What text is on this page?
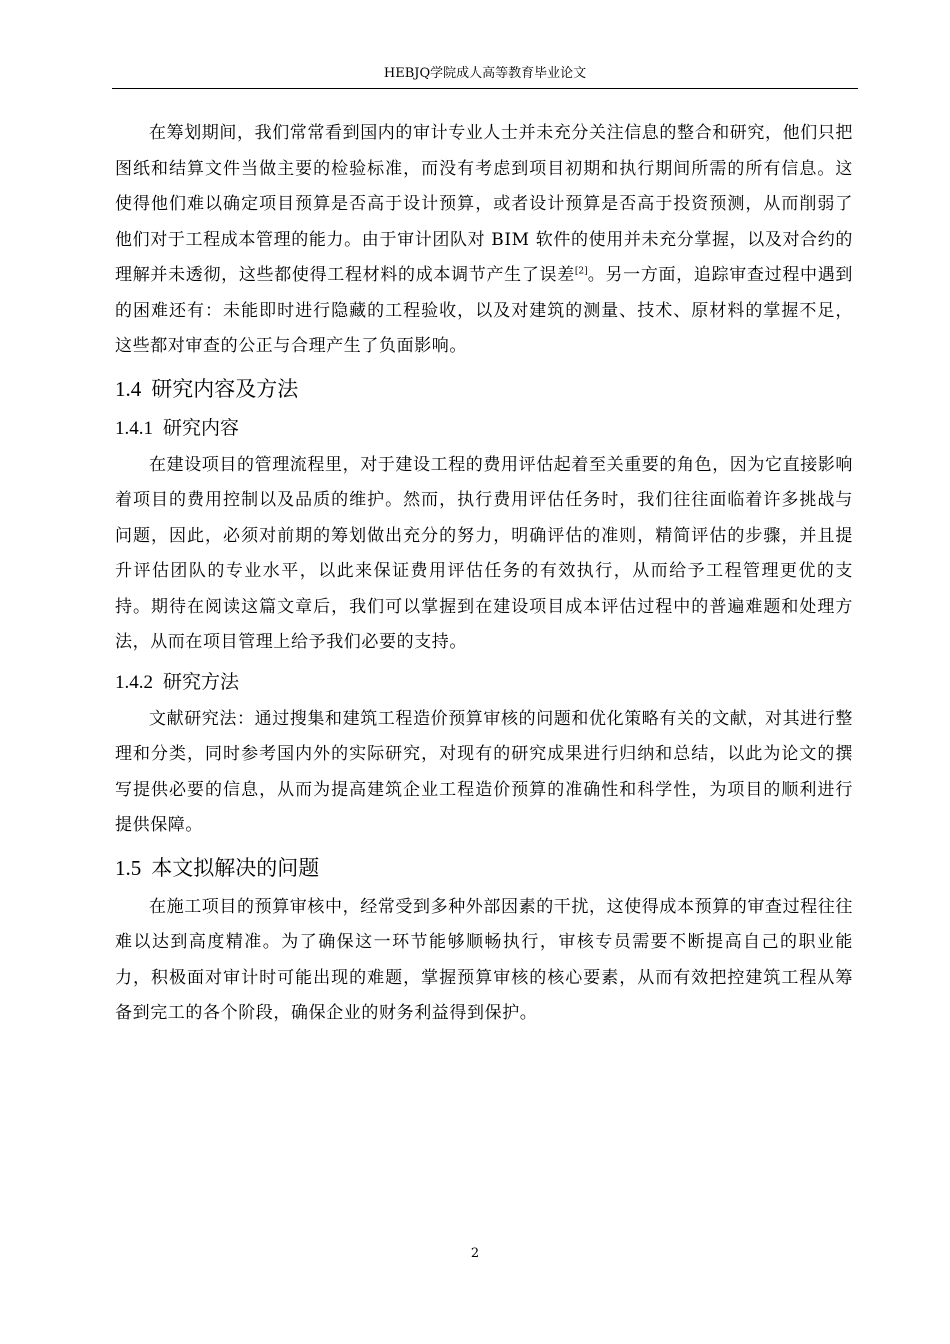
HEBJQ学院成人高等教育毕业论文

在筹划期间，我们常常看到国内的审计专业人士并未充分关注信息的整合和研究，他们只把图纸和结算文件当做主要的检验标准，而没有考虑到项目初期和执行期间所需的所有信息。这使得他们难以确定项目预算是否高于设计预算，或者设计预算是否高于投资预测，从而削弱了他们对于工程成本管理的能力。由于审计团队对 BIM 软件的使用并未充分掌握，以及对合约的理解并未透彻，这些都使得工程材料的成本调节产生了误差[2]。另一方面，追踪审查过程中遇到的困难还有：未能即时进行隐藏的工程验收，以及对建筑的测量、技术、原材料的掌握不足，这些都对审查的公正与合理产生了负面影响。

1.4 研究内容及方法
1.4.1 研究内容

在建设项目的管理流程里，对于建设工程的费用评估起着至关重要的角色，因为它直接影响着项目的费用控制以及品质的维护。然而，执行费用评估任务时，我们往往面临着许多挑战与问题，因此，必须对前期的筹划做出充分的努力，明确评估的准则，精简评估的步骤，并且提升评估团队的专业水平，以此来保证费用评估任务的有效执行，从而给予工程管理更优的支持。期待在阅读这篇文章后，我们可以掌握到在建设项目成本评估过程中的普遍难题和处理方法，从而在项目管理上给予我们必要的支持。

1.4.2 研究方法

文献研究法：通过搜集和建筑工程造价预算审核的问题和优化策略有关的文献，对其进行整理和分类，同时参考国内外的实际研究，对现有的研究成果进行归纳和总结，以此为论文的撰写提供必要的信息，从而为提高建筑企业工程造价预算的准确性和科学性，为项目的顺利进行提供保障。

1.5 本文拟解决的问题

在施工项目的预算审核中，经常受到多种外部因素的干扰，这使得成本预算的审查过程往往难以达到高度精准。为了确保这一环节能够顺畅执行，审核专员需要不断提高自己的职业能力，积极面对审计时可能出现的难题，掌握预算审核的核心要素，从而有效把控建筑工程从筹备到完工的各个阶段，确保企业的财务利益得到保护。

2
